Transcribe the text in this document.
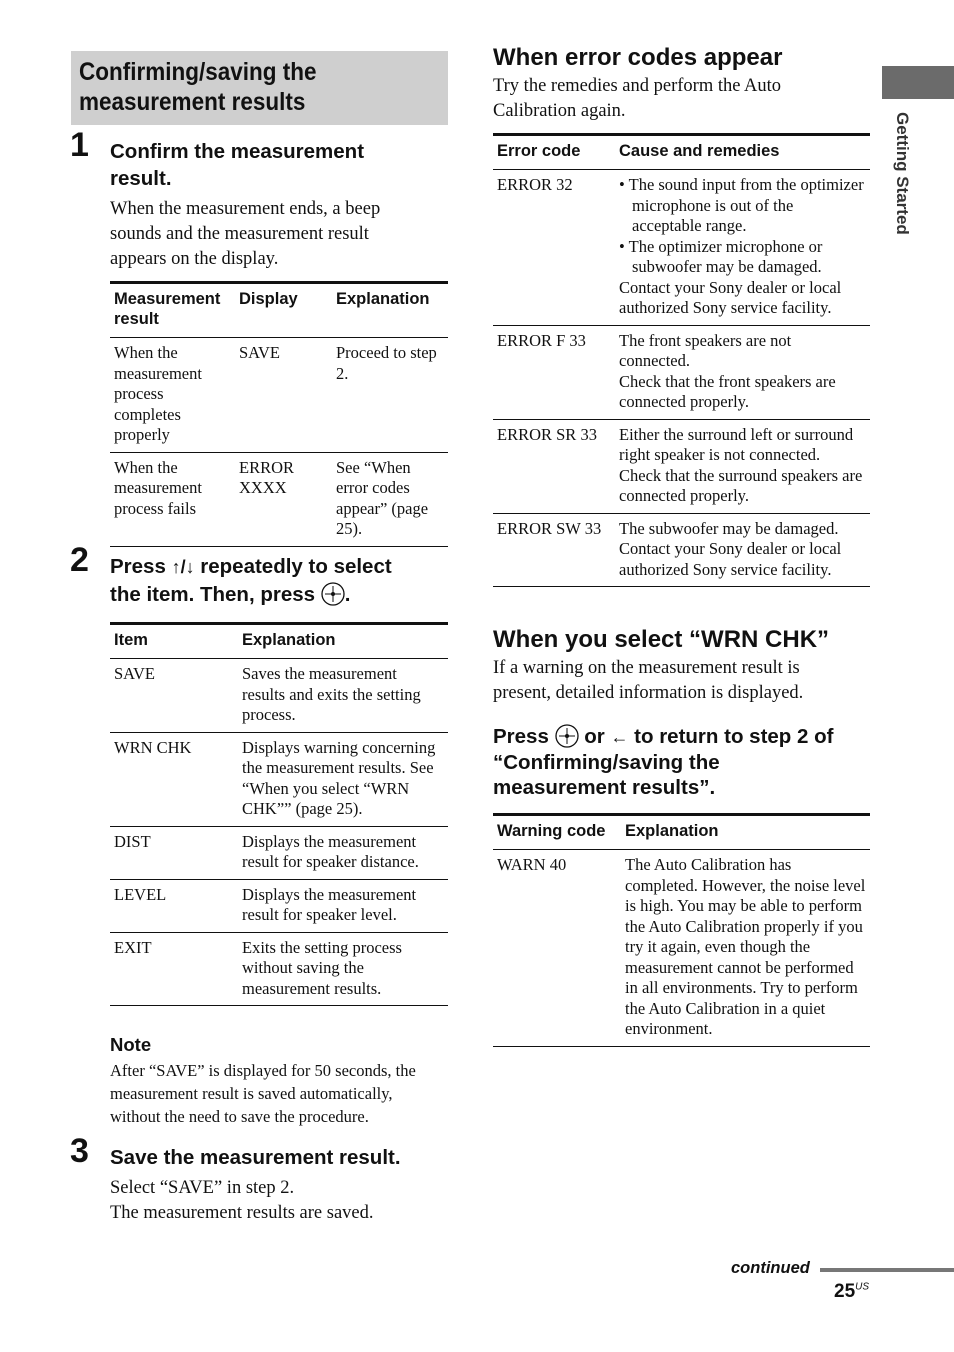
Getting Started
Confirming/saving the
measurement results
1 Confirm the measurement
result.
When the measurement ends, a beep
sounds and the measurement result
appears on the display.
Measurement result	Display	Explanation
When the measurement process completes properly	SAVE	Proceed to step 2.
When the measurement process fails	ERROR XXXX	See “When error codes appear” (page 25).
2 Press ↑/↓ repeatedly to select
the item. Then, press .
Item	Explanation
SAVE	Saves the measurement results and exits the setting process.
WRN CHK	Displays warning concerning the measurement results. See “When you select “WRN CHK”” (page 25).
DIST	Displays the measurement result for speaker distance.
LEVEL	Displays the measurement result for speaker level.
EXIT	Exits the setting process without saving the measurement results.
Note
After “SAVE” is displayed for 50 seconds, the
measurement result is saved automatically,
without the need to save the procedure.
3 Save the measurement result.
Select “SAVE” in step 2.
The measurement results are saved.
When error codes appear
Try the remedies and perform the Auto
Calibration again.
Error code	Cause and remedies
ERROR 32	• The sound input from the optimizer microphone is out of the acceptable range.
• The optimizer microphone or subwoofer may be damaged.
Contact your Sony dealer or local authorized Sony service facility.

ERROR F 33	The front speakers are not connected.
Check that the front speakers are connected properly.

ERROR SR 33	Either the surround left or surround right speaker is not connected.
Check that the surround speakers are connected properly.

ERROR SW 33	The subwoofer may be damaged.
Contact your Sony dealer or local authorized Sony service facility.
When you select “WRN CHK”
If a warning on the measurement result is
present, detailed information is displayed.
Press  or ← to return to step 2 of
“Confirming/saving the
measurement results”.
Warning code	Explanation
WARN 40	The Auto Calibration has completed. However, the noise level is high. You may be able to perform the Auto Calibration properly if you try it again, even though the measurement cannot be performed in all environments. Try to perform the Auto Calibration in a quiet environment.
continued
$25^{US}$
